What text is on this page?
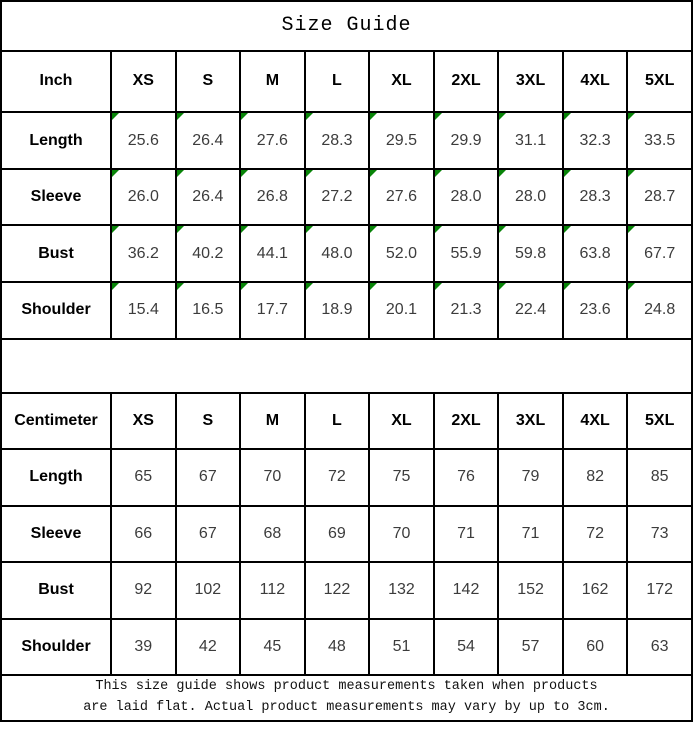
Size Guide									
Inch	XS	S	M	L	XL	2XL	3XL	4XL	5XL
Length	25.6	26.4	27.6	28.3	29.5	29.9	31.1	32.3	33.5
Sleeve	26.0	26.4	26.8	27.2	27.6	28.0	28.0	28.3	28.7
Bust	36.2	40.2	44.1	48.0	52.0	55.9	59.8	63.8	67.7
Shoulder	15.4	16.5	17.7	18.9	20.1	21.3	22.4	23.6	24.8

Centimeter	XS	S	M	L	XL	2XL	3XL	4XL	5XL
Length	65	67	70	72	75	76	79	82	85
Sleeve	66	67	68	69	70	71	71	72	73
Bust	92	102	112	122	132	142	152	162	172
Shoulder	39	42	45	48	51	54	57	60	63

This size guide shows product measurements taken when products
are laid flat. Actual product measurements may vary by up to 3cm.									
